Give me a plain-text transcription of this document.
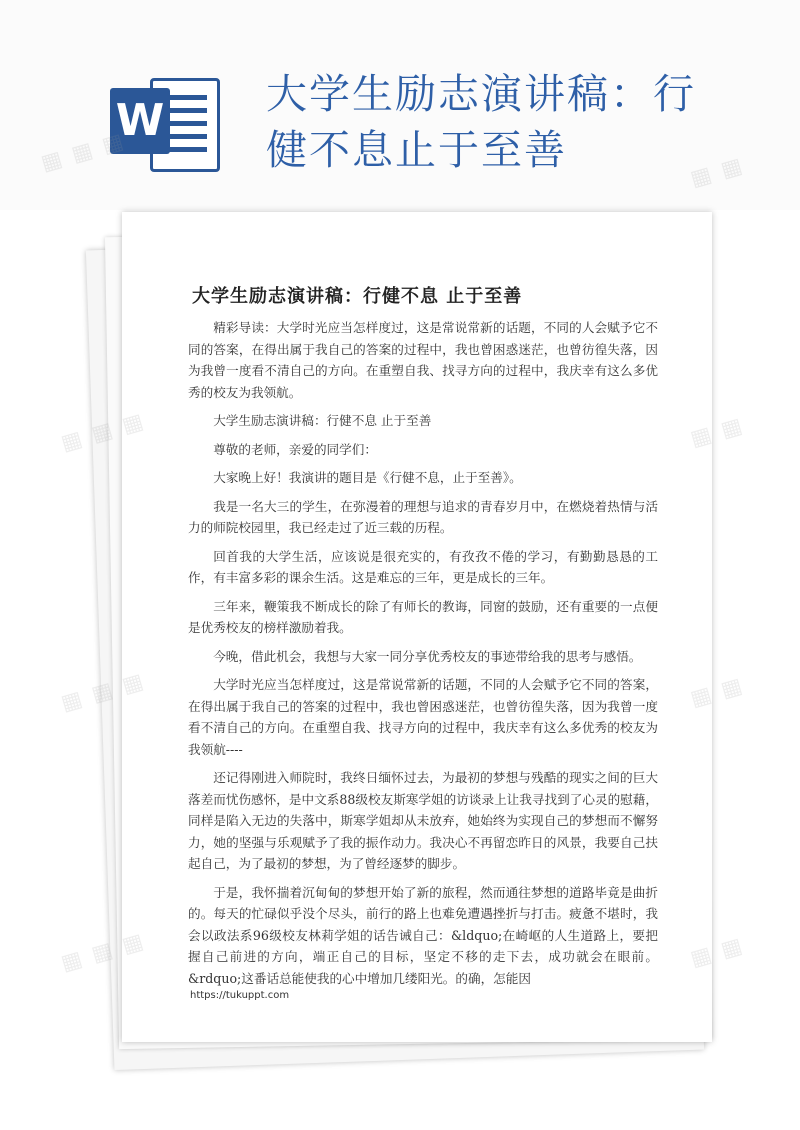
W
大学生励志演讲稿：行
健不息止于至善
大学生励志演讲稿：行健不息 止于至善

精彩导读：大学时光应当怎样度过，这是常说常新的话题，不同的人会赋予它不同的答案，在得出属于我自己的答案的过程中，我也曾困惑迷茫，也曾彷徨失落，因为我曾一度看不清自己的方向。在重塑自我、找寻方向的过程中，我庆幸有这么多优秀的校友为我领航。

大学生励志演讲稿：行健不息 止于至善

尊敬的老师，亲爱的同学们：

大家晚上好！我演讲的题目是《行健不息，止于至善》。

我是一名大三的学生，在弥漫着的理想与追求的青春岁月中，在燃烧着热情与活力的师院校园里，我已经走过了近三载的历程。

回首我的大学生活，应该说是很充实的，有孜孜不倦的学习，有勤勤恳恳的工作，有丰富多彩的课余生活。这是难忘的三年，更是成长的三年。

三年来，鞭策我不断成长的除了有师长的教诲，同窗的鼓励，还有重要的一点便是优秀校友的榜样激励着我。

今晚，借此机会，我想与大家一同分享优秀校友的事迹带给我的思考与感悟。

大学时光应当怎样度过，这是常说常新的话题，不同的人会赋予它不同的答案，在得出属于我自己的答案的过程中，我也曾困惑迷茫，也曾彷徨失落，因为我曾一度看不清自己的方向。在重塑自我、找寻方向的过程中，我庆幸有这么多优秀的校友为我领航----

还记得刚进入师院时，我终日缅怀过去，为最初的梦想与残酷的现实之间的巨大落差而忧伤感怀，是中文系88级校友斯寒学姐的访谈录上让我寻找到了心灵的慰藉，同样是陷入无边的失落中，斯寒学姐却从未放弃，她始终为实现自己的梦想而不懈努力，她的坚强与乐观赋予了我的振作动力。我决心不再留恋昨日的风景，我要自己扶起自己，为了最初的梦想，为了曾经逐梦的脚步。

于是，我怀揣着沉甸甸的梦想开始了新的旅程，然而通往梦想的道路毕竟是曲折的。每天的忙碌似乎没个尽头，前行的路上也难免遭遇挫折与打击。疲惫不堪时，我会以政法系96级校友林莉学姐的话告诫自己：&ldquo;在崎岖的人生道路上，要把握自己前进的方向，端正自己的目标，坚定不移的走下去，成功就会在眼前。&rdquo;这番话总能使我的心中增加几缕阳光。的确，怎能因

https://tukuppt.com
▦	▦ ▦
▦	▦ ▦
▦ ▦ ▦	▦ ▦
